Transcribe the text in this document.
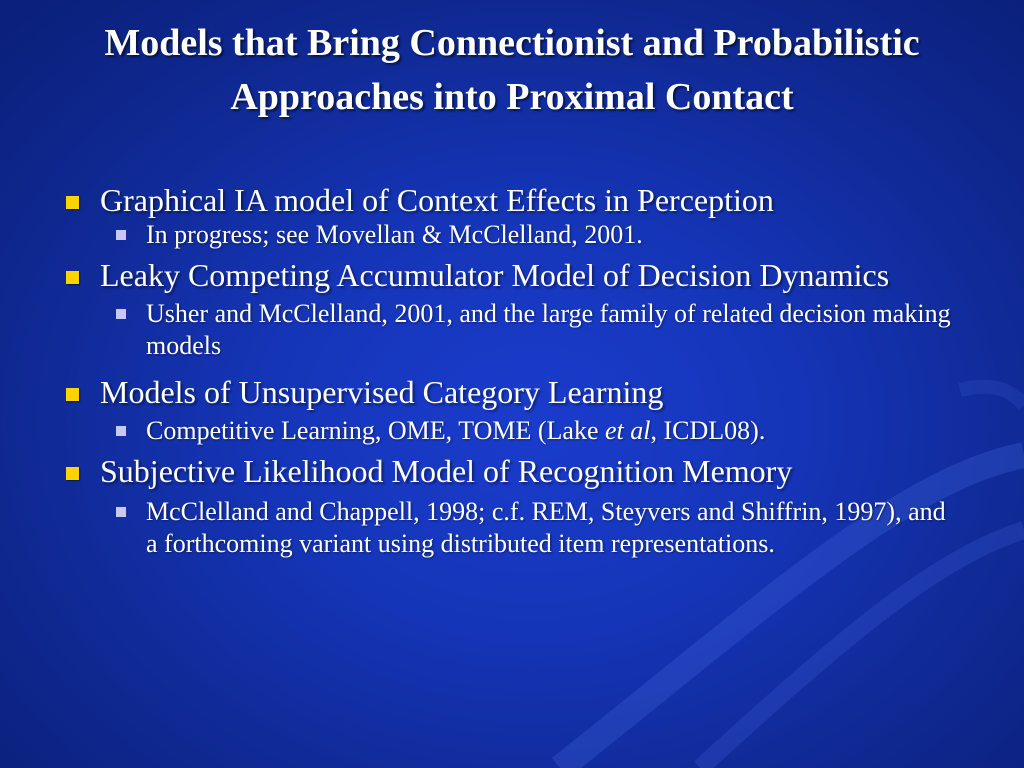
Models that Bring Connectionist and Probabilistic Approaches into Proximal Contact
Graphical IA model of Context Effects in Perception
In progress; see Movellan & McClelland, 2001.
Leaky Competing Accumulator Model of Decision Dynamics
Usher and McClelland, 2001, and the large family of related decision making models
Models of Unsupervised Category Learning
Competitive Learning, OME, TOME (Lake et al, ICDL08).
Subjective Likelihood Model of Recognition Memory
McClelland and Chappell, 1998; c.f. REM, Steyvers and Shiffrin, 1997), and a forthcoming variant using distributed item representations.
